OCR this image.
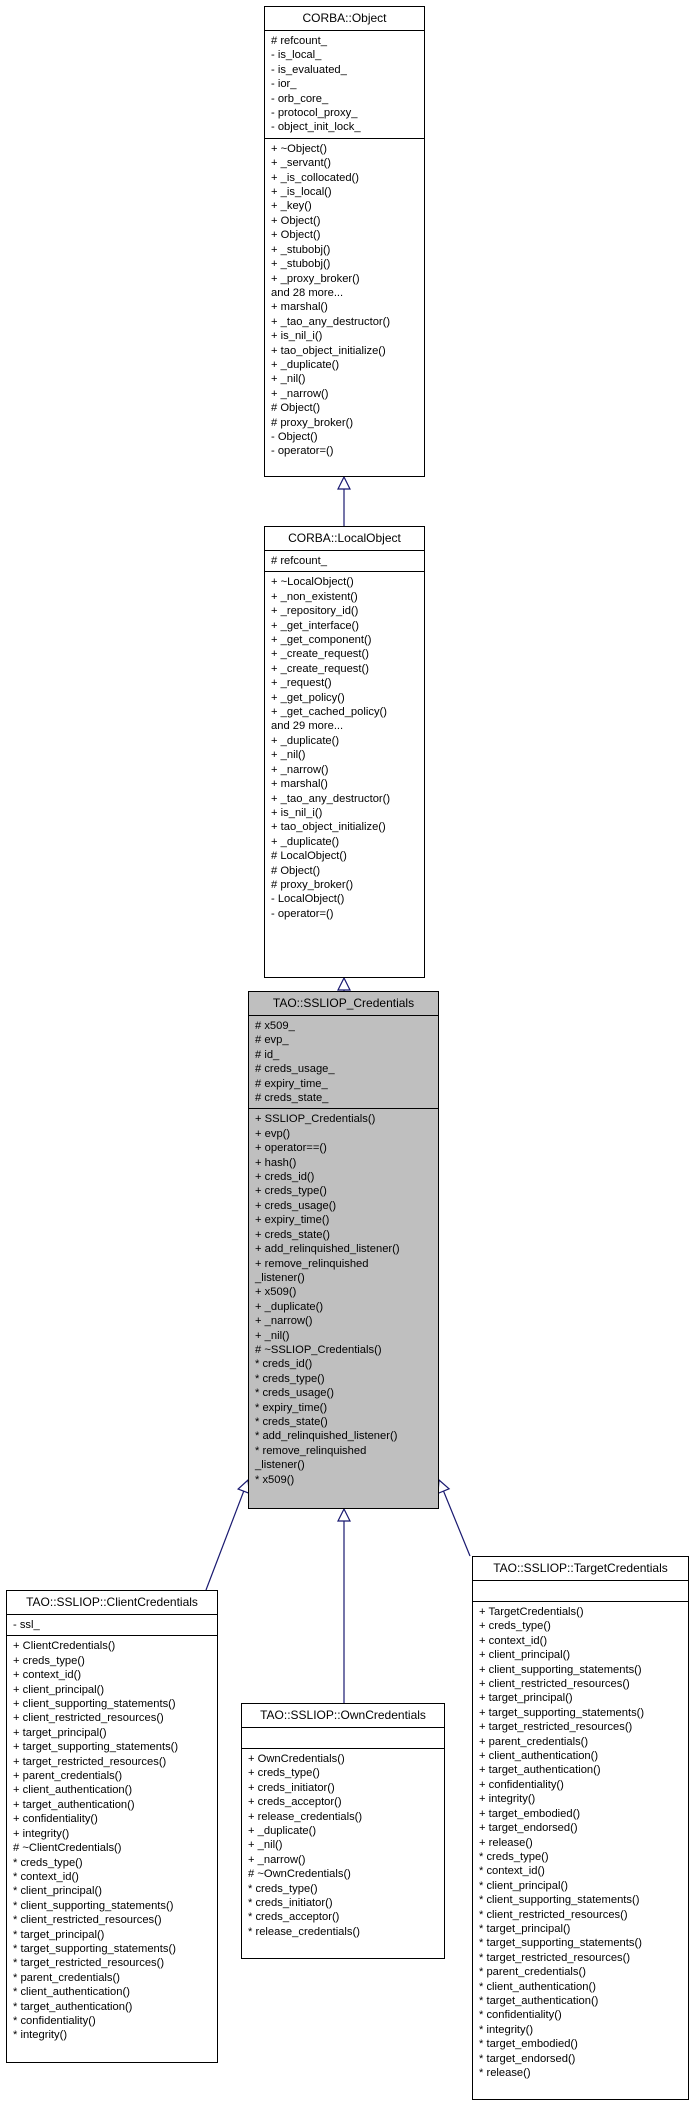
CORBA::Object
# refcount_
- is_local_
- is_evaluated_
- ior_
- orb_core_
- protocol_proxy_
- object_init_lock_
+ ~Object()
+ _servant()
+ _is_collocated()
+ _is_local()
+ _key()
+ Object()
+ Object()
+ _stubobj()
+ _stubobj()
+ _proxy_broker()
and 28 more...
+ marshal()
+ _tao_any_destructor()
+ is_nil_i()
+ tao_object_initialize()
+ _duplicate()
+ _nil()
+ _narrow()
# Object()
# proxy_broker()
- Object()
- operator=()
CORBA::LocalObject
# refcount_
+ ~LocalObject()
+ _non_existent()
+ _repository_id()
+ _get_interface()
+ _get_component()
+ _create_request()
+ _create_request()
+ _request()
+ _get_policy()
+ _get_cached_policy()
and 29 more...
+ _duplicate()
+ _nil()
+ _narrow()
+ marshal()
+ _tao_any_destructor()
+ is_nil_i()
+ tao_object_initialize()
+ _duplicate()
# LocalObject()
# Object()
# proxy_broker()
- LocalObject()
- operator=()
TAO::SSLIOP_Credentials
# x509_
# evp_
# id_
# creds_usage_
# expiry_time_
# creds_state_
+ SSLIOP_Credentials()
+ evp()
+ operator==()
+ hash()
+ creds_id()
+ creds_type()
+ creds_usage()
+ expiry_time()
+ creds_state()
+ add_relinquished_listener()
+ remove_relinquished
_listener()
+ x509()
+ _duplicate()
+ _narrow()
+ _nil()
# ~SSLIOP_Credentials()
* creds_id()
* creds_type()
* creds_usage()
* expiry_time()
* creds_state()
* add_relinquished_listener()
* remove_relinquished
_listener()
* x509()
TAO::SSLIOP::ClientCredentials
- ssl_
+ ClientCredentials()
+ creds_type()
+ context_id()
+ client_principal()
+ client_supporting_statements()
+ client_restricted_resources()
+ target_principal()
+ target_supporting_statements()
+ target_restricted_resources()
+ parent_credentials()
+ client_authentication()
+ target_authentication()
+ confidentiality()
+ integrity()
# ~ClientCredentials()
* creds_type()
* context_id()
* client_principal()
* client_supporting_statements()
* client_restricted_resources()
* target_principal()
* target_supporting_statements()
* target_restricted_resources()
* parent_credentials()
* client_authentication()
* target_authentication()
* confidentiality()
* integrity()
TAO::SSLIOP::OwnCredentials
+ OwnCredentials()
+ creds_type()
+ creds_initiator()
+ creds_acceptor()
+ release_credentials()
+ _duplicate()
+ _nil()
+ _narrow()
# ~OwnCredentials()
* creds_type()
* creds_initiator()
* creds_acceptor()
* release_credentials()
TAO::SSLIOP::TargetCredentials
+ TargetCredentials()
+ creds_type()
+ context_id()
+ client_principal()
+ client_supporting_statements()
+ client_restricted_resources()
+ target_principal()
+ target_supporting_statements()
+ target_restricted_resources()
+ parent_credentials()
+ client_authentication()
+ target_authentication()
+ confidentiality()
+ integrity()
+ target_embodied()
+ target_endorsed()
+ release()
* creds_type()
* context_id()
* client_principal()
* client_supporting_statements()
* client_restricted_resources()
* target_principal()
* target_supporting_statements()
* target_restricted_resources()
* parent_credentials()
* client_authentication()
* target_authentication()
* confidentiality()
* integrity()
* target_embodied()
* target_endorsed()
* release()
